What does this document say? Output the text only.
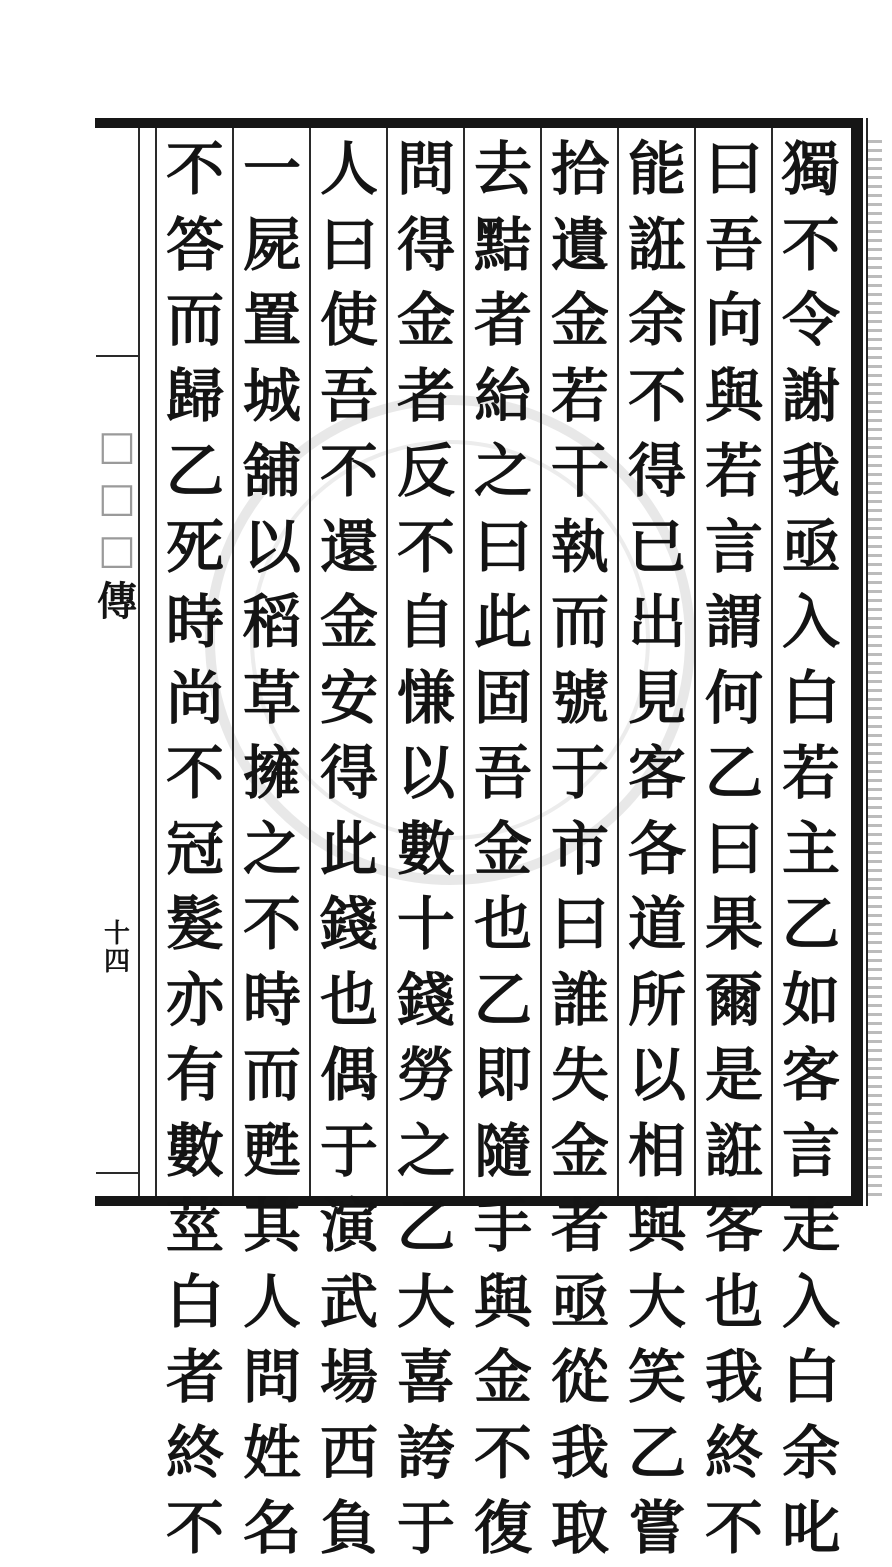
獨
不
令
謝
我
亟
入
白
若
主
乙
如
客
言
走
入
白
余
叱
曰
吾
向
與
若
言
謂
何
乙
曰
果
爾
是
誑
客
也
我
終
不
能
誑
余
不
得
已
出
見
客
各
道
所
以
相
與
大
笑
乙
嘗
拾
遺
金
若
干
執
而
號
于
市
曰
誰
失
金
者
亟
從
我
取
去
黠
者
紿
之
曰
此
固
吾
金
也
乙
即
隨
手
與
金
不
復
問
得
金
者
反
不
自
慊
以
數
十
錢
勞
之
乙
大
喜
誇
于
人
曰
使
吾
不
還
金
安
得
此
錢
也
偶
于
演
武
場
西
負
一
屍
置
城
舖
以
稻
草
擁
之
不
時
而
甦
其
人
問
姓
名
不
答
而
歸
乙
死
時
尚
不
冠
髮
亦
有
數
莖
白
者
終
不
□
□
□
傳
十
四
